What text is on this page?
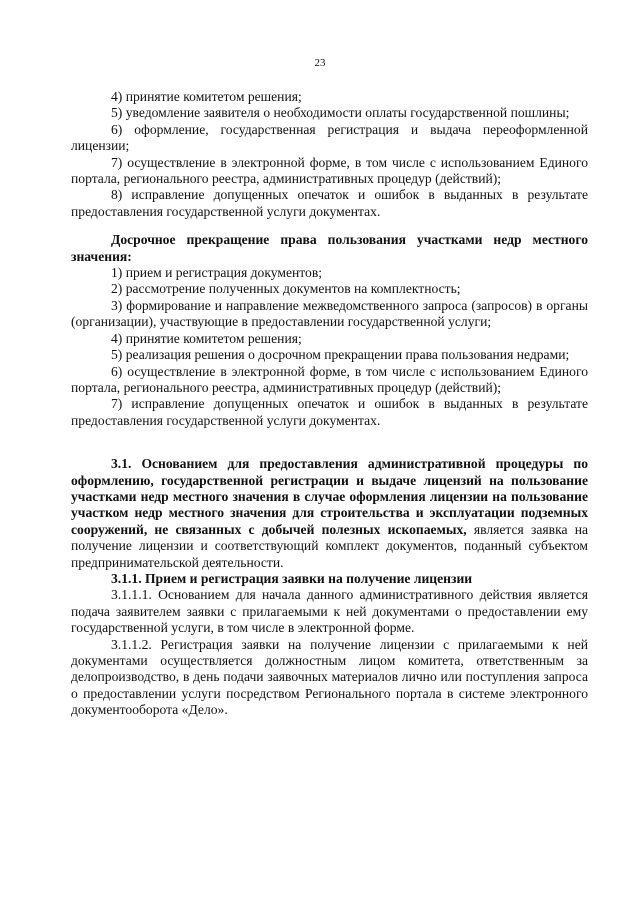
23

4) принятие комитетом решения;

5) уведомление заявителя о необходимости оплаты государственной пошлины;

6) оформление, государственная регистрация и выдача переоформленной лицензии;

7) осуществление в электронной форме, в том числе с использованием Единого портала, регионального реестра, административных процедур (действий);

8) исправление допущенных опечаток и ошибок в выданных в результате предоставления государственной услуги документах.

Досрочное прекращение права пользования участками недр местного значения:

1) прием и регистрация документов;

2) рассмотрение полученных документов на комплектность;

3) формирование и направление межведомственного запроса (запросов) в органы (организации), участвующие в предоставлении государственной услуги;

4) принятие комитетом решения;

5) реализация решения о досрочном прекращении права пользования недрами;

6) осуществление в электронной форме, в том числе с использованием Единого портала, регионального реестра, административных процедур (действий);

7) исправление допущенных опечаток и ошибок в выданных в результате предоставления государственной услуги документах.

3.1. Основанием для предоставления административной процедуры по оформлению, государственной регистрации и выдаче лицензий на пользование участками недр местного значения в случае оформления лицензии на пользование участком недр местного значения для строительства и эксплуатации подземных сооружений, не связанных с добычей полезных ископаемых, является заявка на получение лицензии и соответствующий комплект документов, поданный субъектом предпринимательской деятельности.

3.1.1. Прием и регистрация заявки на получение лицензии

3.1.1.1. Основанием для начала данного административного действия является подача заявителем заявки с прилагаемыми к ней документами о предоставлении ему государственной услуги, в том числе в электронной форме.

3.1.1.2. Регистрация заявки на получение лицензии с прилагаемыми к ней документами осуществляется должностным лицом комитета, ответственным за делопроизводство, в день подачи заявочных материалов лично или поступления запроса о предоставлении услуги посредством Регионального портала в системе электронного документооборота «Дело».
